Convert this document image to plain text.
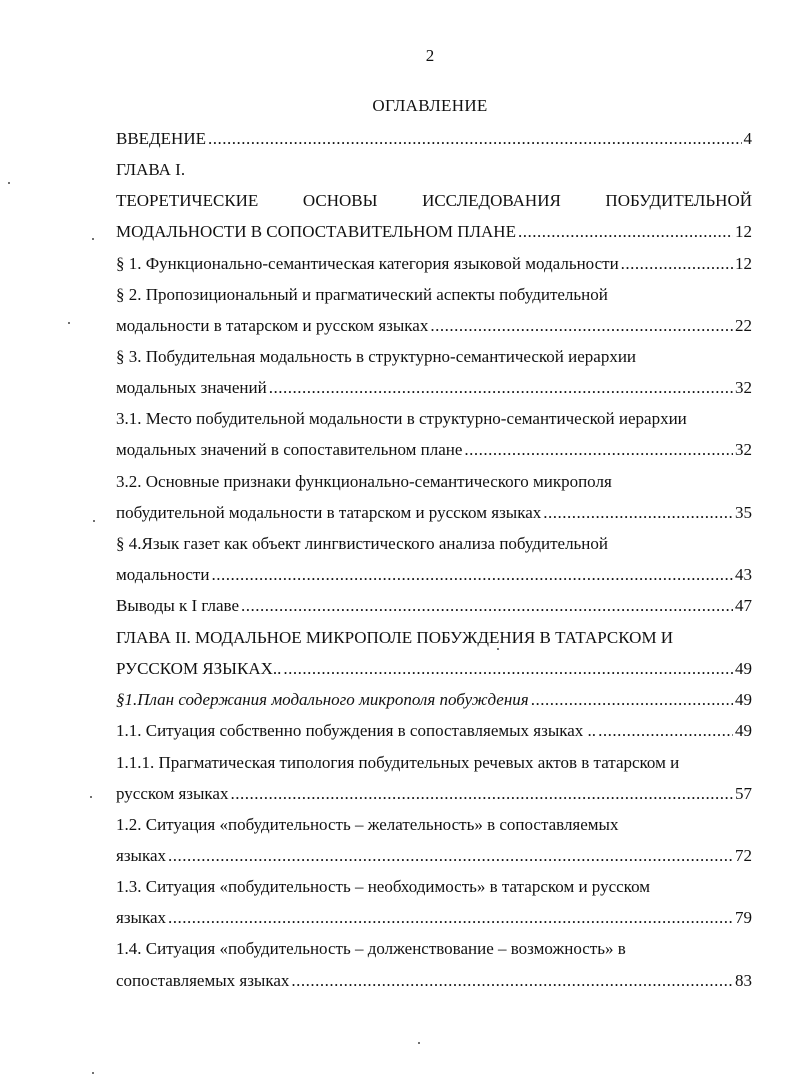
2
ОГЛАВЛЕНИЕ
ВВЕДЕНИЕ .....	4
ГЛАВА I.
ТЕОРЕТИЧЕСКИЕ	ОСНОВЫ	ИССЛЕДОВАНИЯ	ПОБУДИТЕЛЬНОЙ
МОДАЛЬНОСТИ В СОПОСТАВИТЕЛЬНОМ ПЛАНЕ .....	12
§ 1. Функционально-семантическая категория языковой модальности .....	12
§ 2. Пропозициональный и прагматический аспекты побудительной
модальности в татарском и русском языках .....	22
§ 3. Побудительная модальность в структурно-семантической иерархии
модальных значений .....	32
3.1. Место побудительной модальности в структурно-семантической иерархии
модальных значений в сопоставительном плане .....	32
3.2. Основные признаки функционально-семантического микрополя
побудительной модальности в татарском и русском языках .....	35
§ 4.Язык газет как объект лингвистического анализа побудительной
модальности .....	43
Выводы к I главе .....	47
ГЛАВА II. МОДАЛЬНОЕ МИКРОПОЛЕ ПОБУЖДЕНИЯ В ТАТАРСКОМ И
РУССКОМ ЯЗЫКАХ.. .....	49
§1.План содержания модального микрополя побуждения .....	49
1.1. Ситуация собственно побуждения в сопоставляемых языках .. .....	49
1.1.1. Прагматическая типология побудительных речевых актов в татарском и
русском языках .....	57
1.2. Ситуация «побудительность – желательность» в сопоставляемых
языках .....	72
1.3. Ситуация «побудительность – необходимость» в татарском и русском
языках .....	79
1.4. Ситуация «побудительность – долженствование – возможность» в
сопоставляемых языках .....	83
